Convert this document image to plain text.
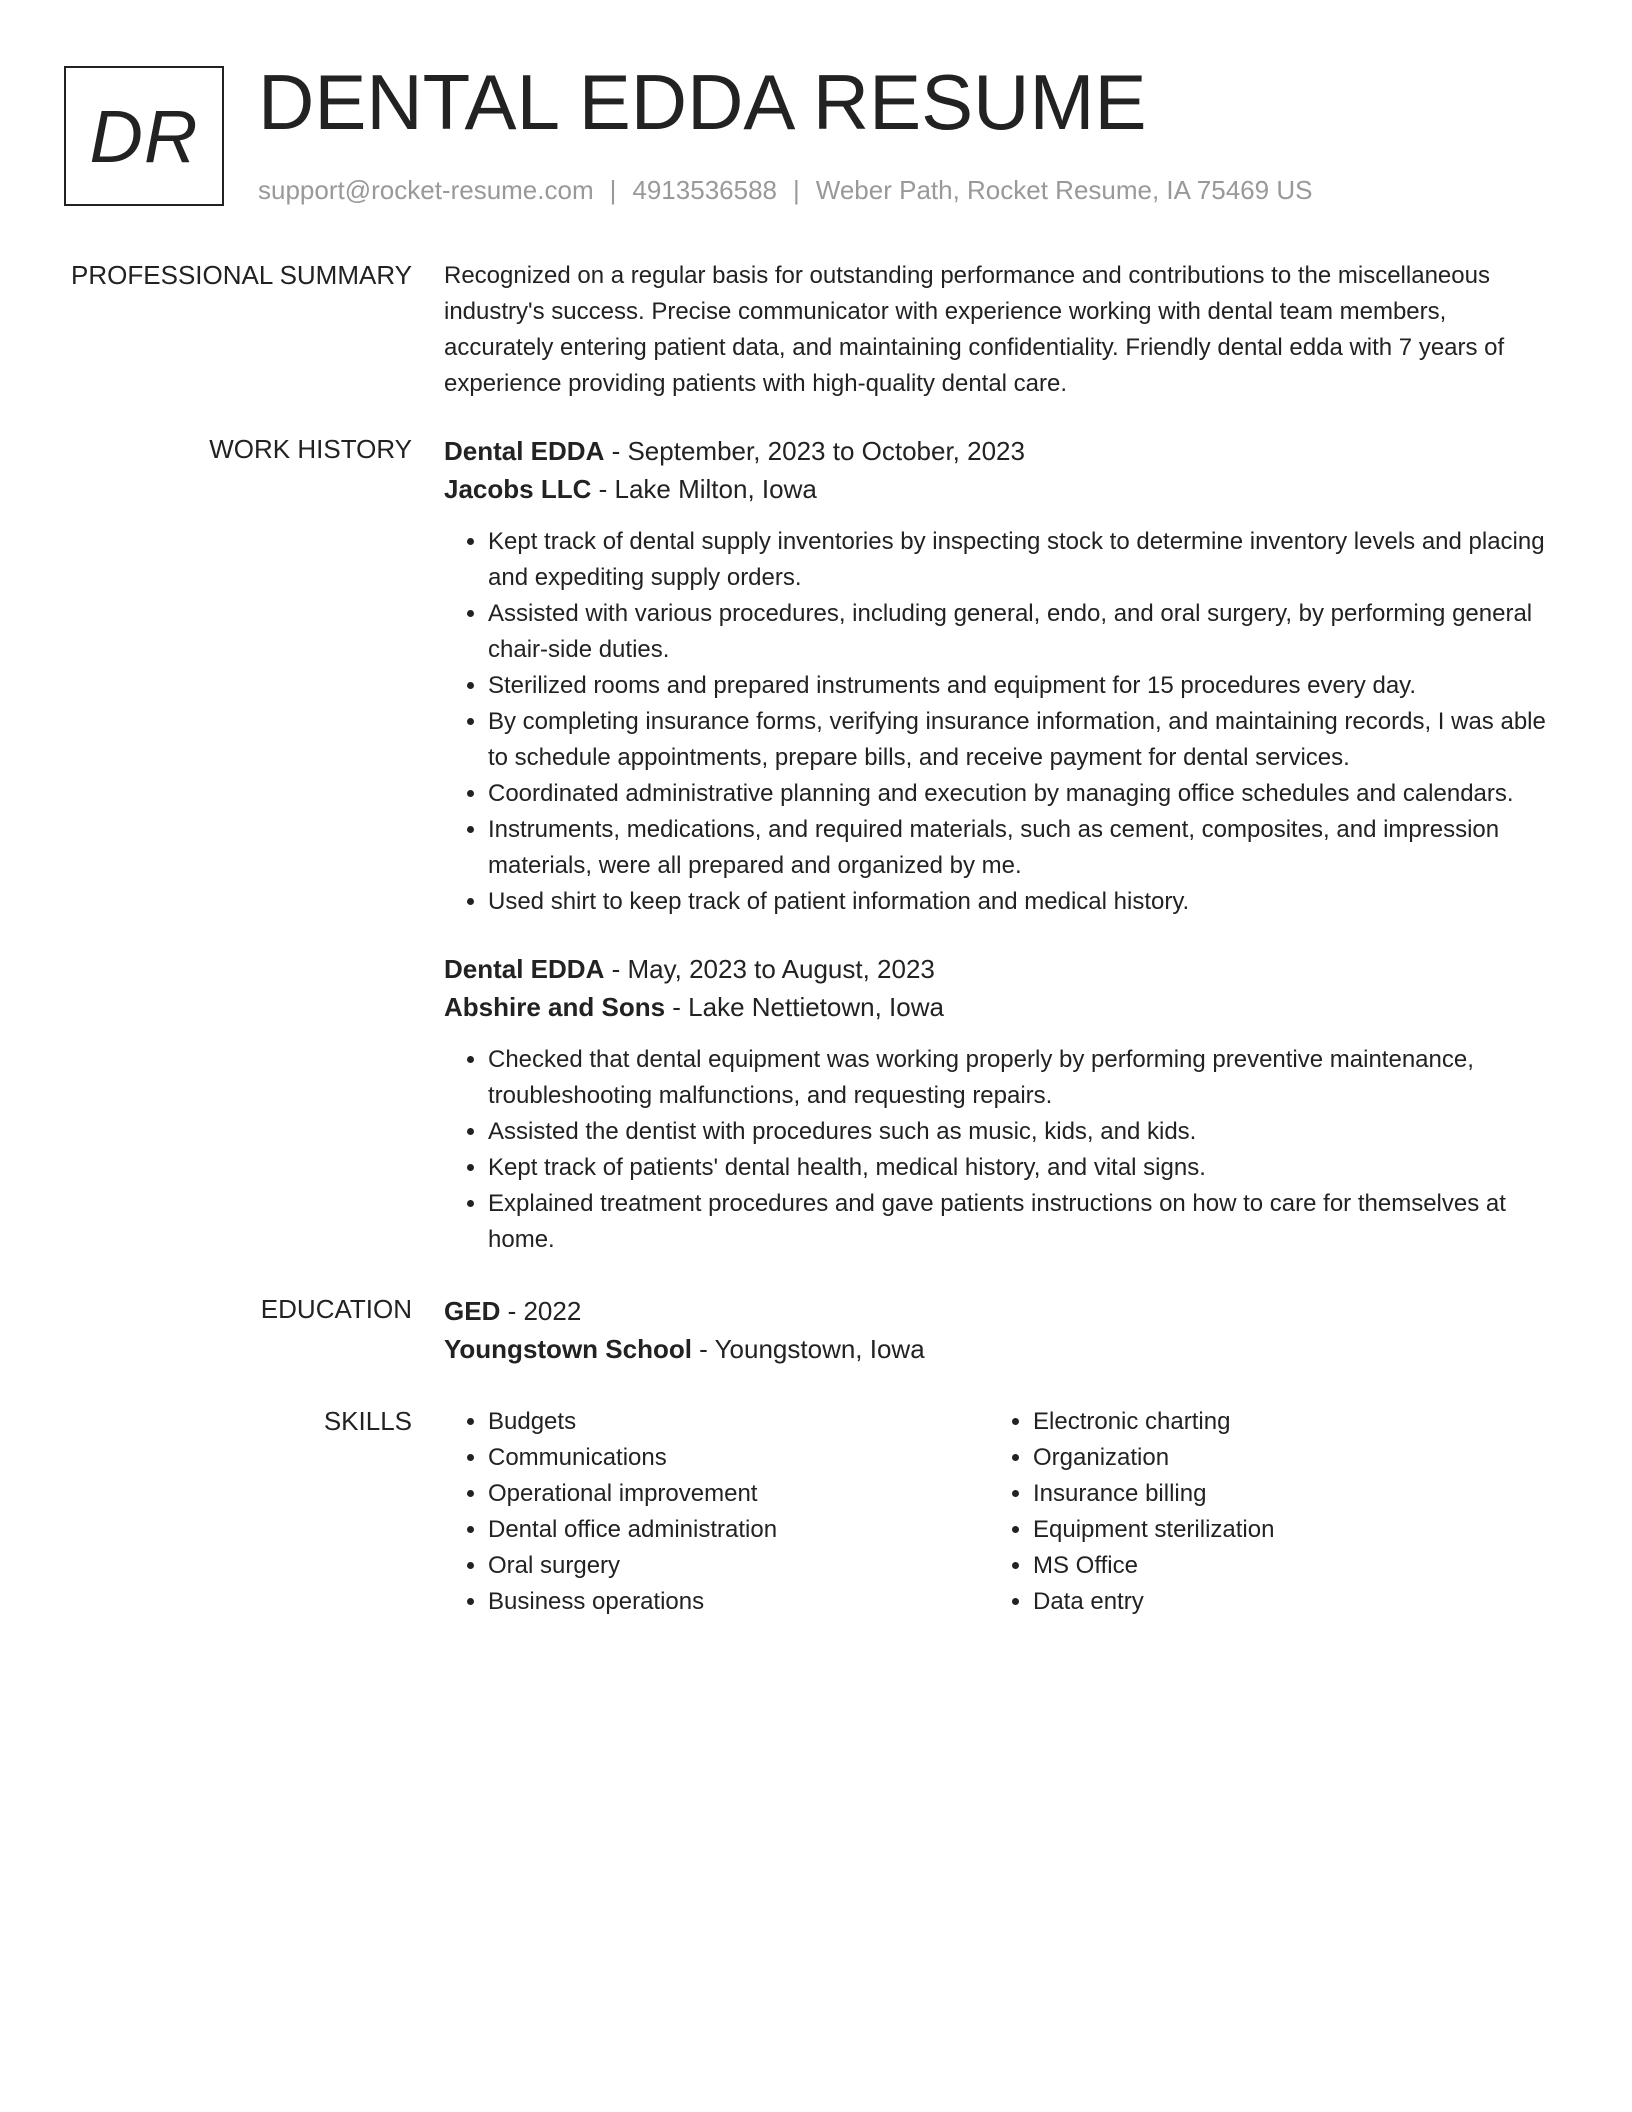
DR DENTAL EDDA RESUME
support@rocket-resume.com | 4913536588 | Weber Path, Rocket Resume, IA 75469 US
PROFESSIONAL SUMMARY Recognized on a regular basis for outstanding performance and contributions to the miscellaneous industry's success. Precise communicator with experience working with dental team members, accurately entering patient data, and maintaining confidentiality. Friendly dental edda with 7 years of experience providing patients with high-quality dental care.

WORK HISTORY Dental EDDA - September, 2023 to October, 2023

Jacobs LLC - Lake Milton, Iowa

• Kept track of dental supply inventories by inspecting stock to determine inventory levels and placing and expediting supply orders.
• Assisted with various procedures, including general, endo, and oral surgery, by performing general chair-side duties.
• Sterilized rooms and prepared instruments and equipment for 15 procedures every day.
• By completing insurance forms, verifying insurance information, and maintaining records, I was able to schedule appointments, prepare bills, and receive payment for dental services.
• Coordinated administrative planning and execution by managing office schedules and calendars.
• Instruments, medications, and required materials, such as cement, composites, and impression materials, were all prepared and organized by me.
• Used shirt to keep track of patient information and medical history.

Dental EDDA - May, 2023 to August, 2023

Abshire and Sons - Lake Nettietown, Iowa

• Checked that dental equipment was working properly by performing preventive maintenance, troubleshooting malfunctions, and requesting repairs.
• Assisted the dentist with procedures such as music, kids, and kids.
• Kept track of patients' dental health, medical history, and vital signs.
• Explained treatment procedures and gave patients instructions on how to care for themselves at home.
EDUCATION GED - 2022

Youngstown School - Youngstown, Iowa

SKILLS
•	Budgets
• Communications
• Operational improvement
• Dental office administration
• Oral surgery
• Business operations
• Electronic charting
• Organization
• Insurance billing
• Equipment sterilization
• MS Office
• Data entry
